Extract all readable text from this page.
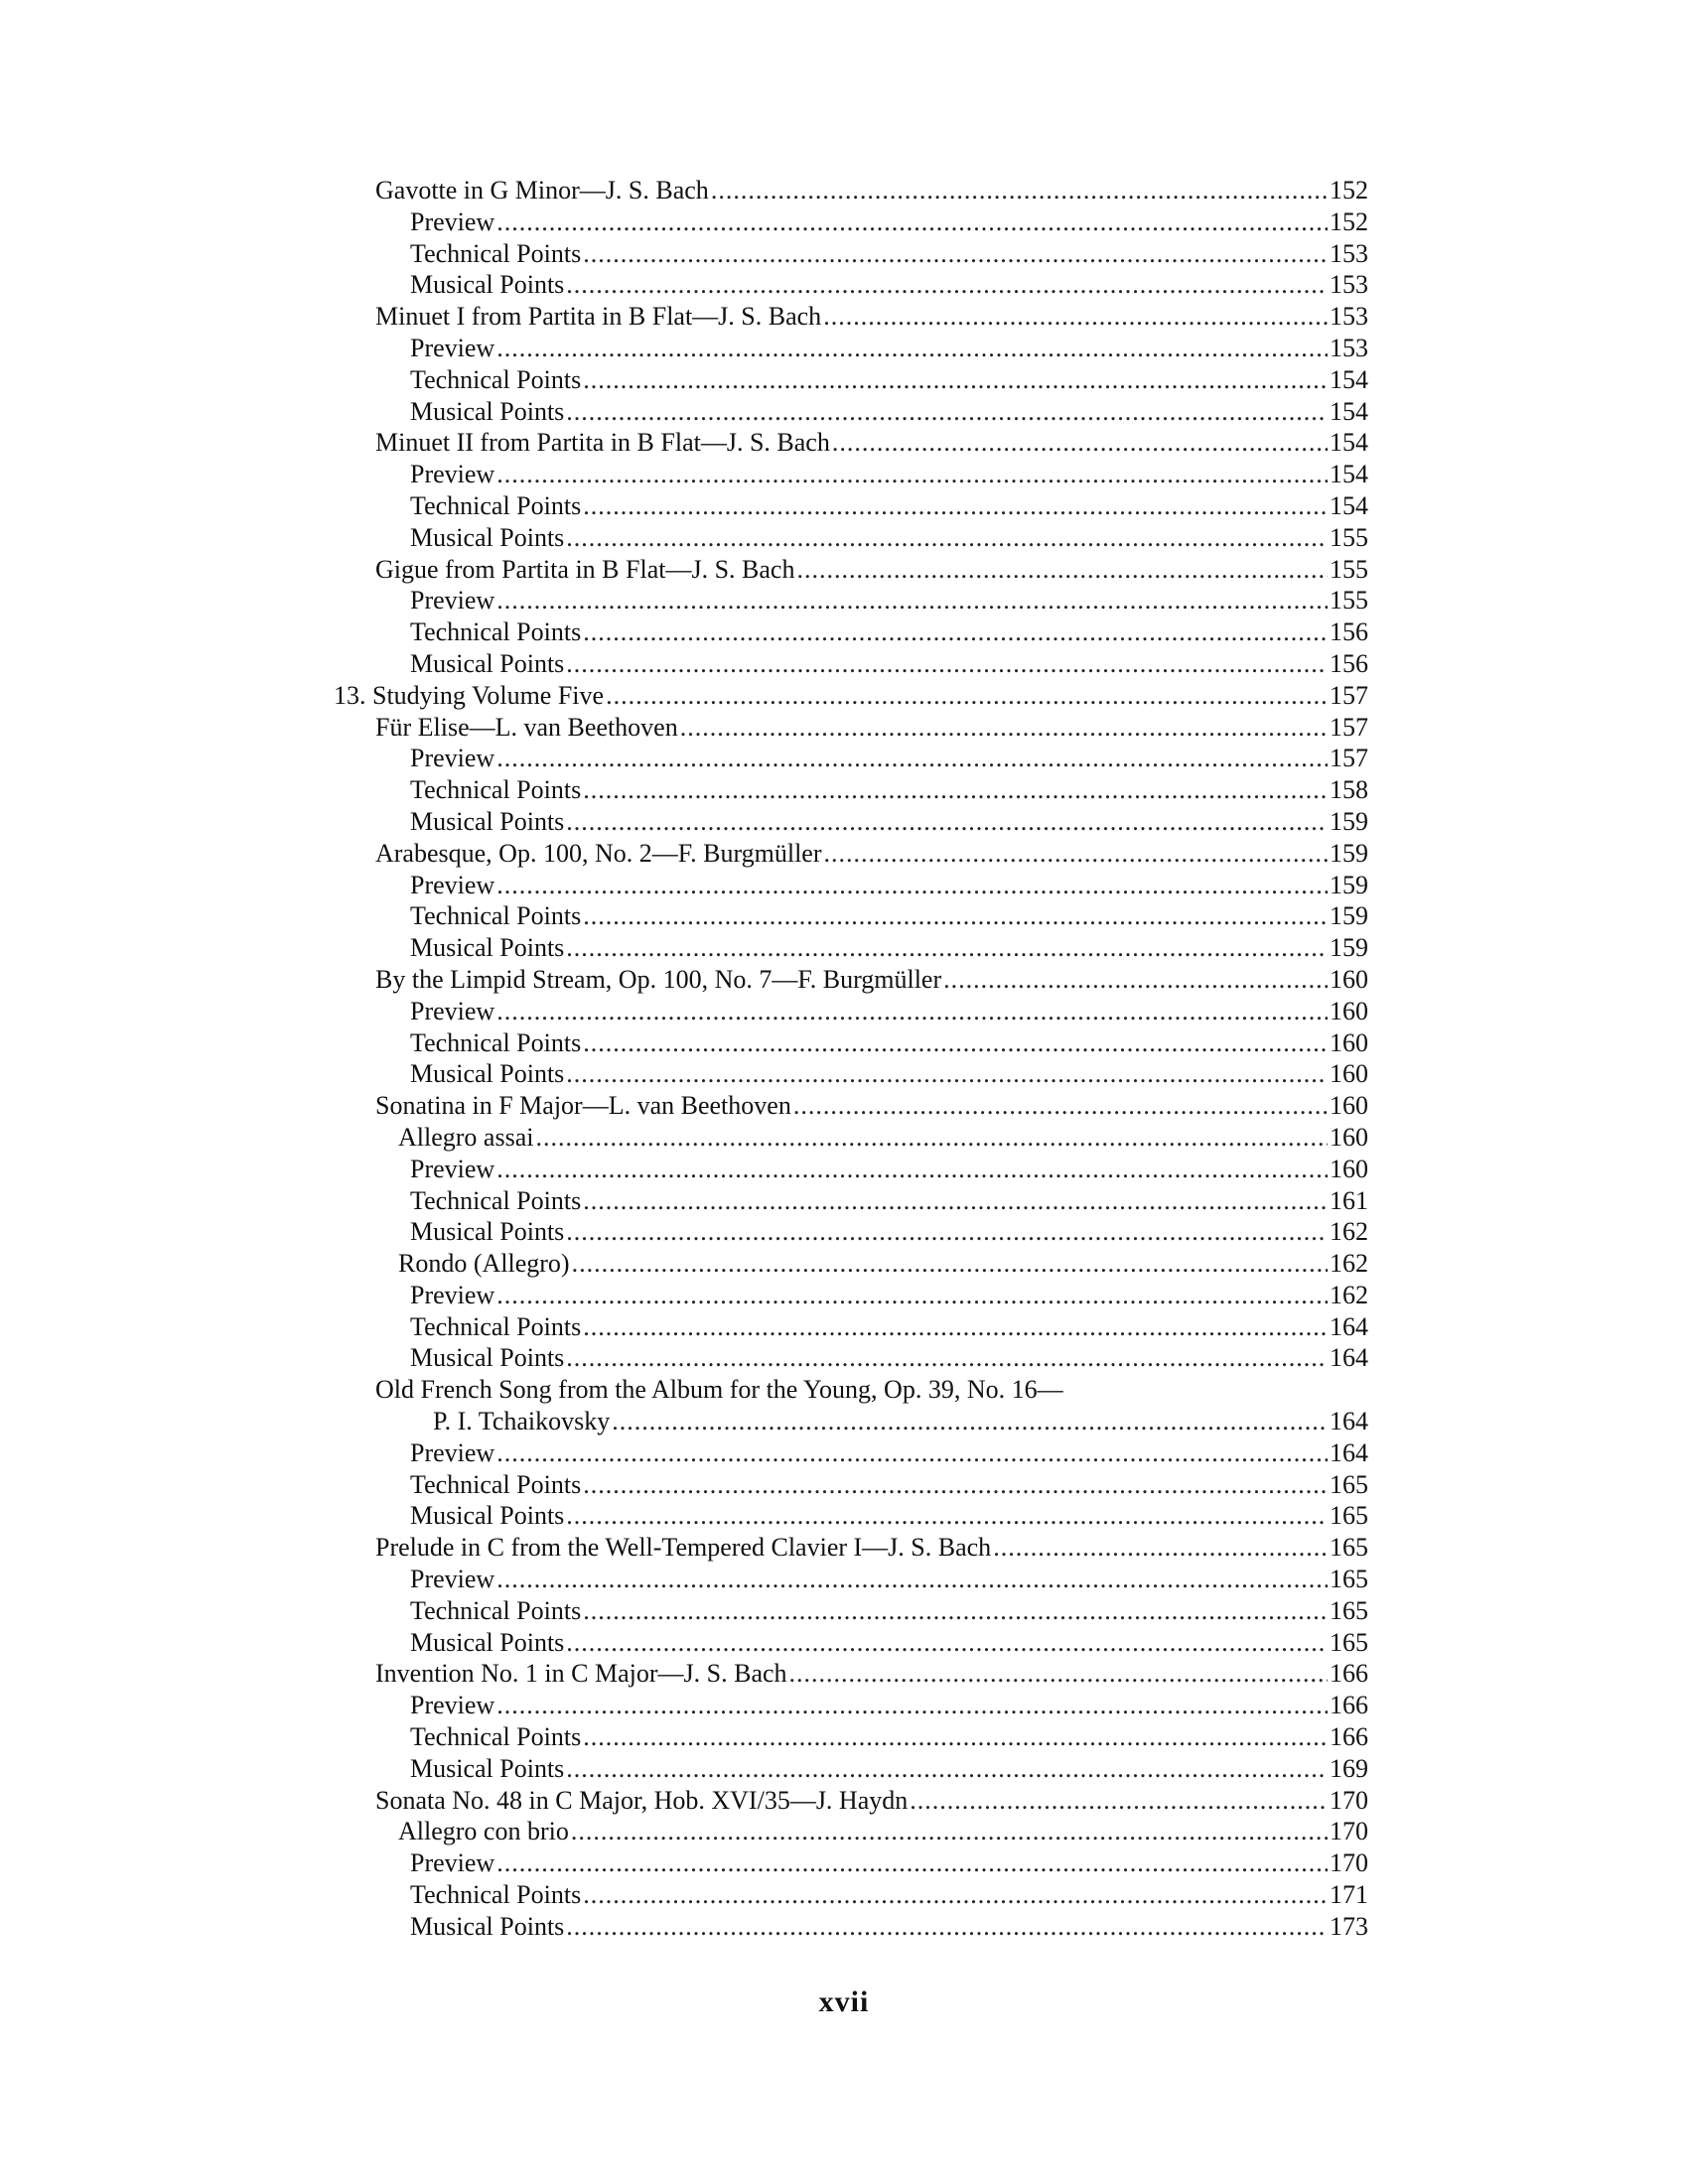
Gavotte in G Minor—J. S. Bach .....	152
Preview .....	152
Technical Points .....	153
Musical Points .....	153
Minuet I from Partita in B Flat—J. S. Bach .....	153
Preview .....	153
Technical Points .....	154
Musical Points .....	154
Minuet II from Partita in B Flat—J. S. Bach .....	154
Preview .....	154
Technical Points .....	154
Musical Points .....	155
Gigue from Partita in B Flat—J. S. Bach .....	155
Preview .....	155
Technical Points .....	156
Musical Points .....	156
13. Studying Volume Five .....	157
Für Elise—L. van Beethoven .....	157
Preview .....	157
Technical Points .....	158
Musical Points .....	159
Arabesque, Op. 100, No. 2—F. Burgmüller .....	159
Preview .....	159
Technical Points .....	159
Musical Points .....	159
By the Limpid Stream, Op. 100, No. 7—F. Burgmüller .....	160
Preview .....	160
Technical Points .....	160
Musical Points .....	160
Sonatina in F Major—L. van Beethoven .....	160
Allegro assai .....	160
Preview .....	160
Technical Points .....	161
Musical Points .....	162
Rondo (Allegro) .....	162
Preview .....	162
Technical Points .....	164
Musical Points .....	164
Old French Song from the Album for the Young, Op. 39, No. 16—
P. I. Tchaikovsky .....	164
Preview .....	164
Technical Points .....	165
Musical Points .....	165
Prelude in C from the Well-Tempered Clavier I—J. S. Bach .....	165
Preview .....	165
Technical Points .....	165
Musical Points .....	165
Invention No. 1 in C Major—J. S. Bach .....	166
Preview .....	166
Technical Points .....	166
Musical Points .....	169
Sonata No. 48 in C Major, Hob. XVI/35—J. Haydn .....	170
Allegro con brio .....	170
Preview .....	170
Technical Points .....	171
Musical Points .....	173
xvii
